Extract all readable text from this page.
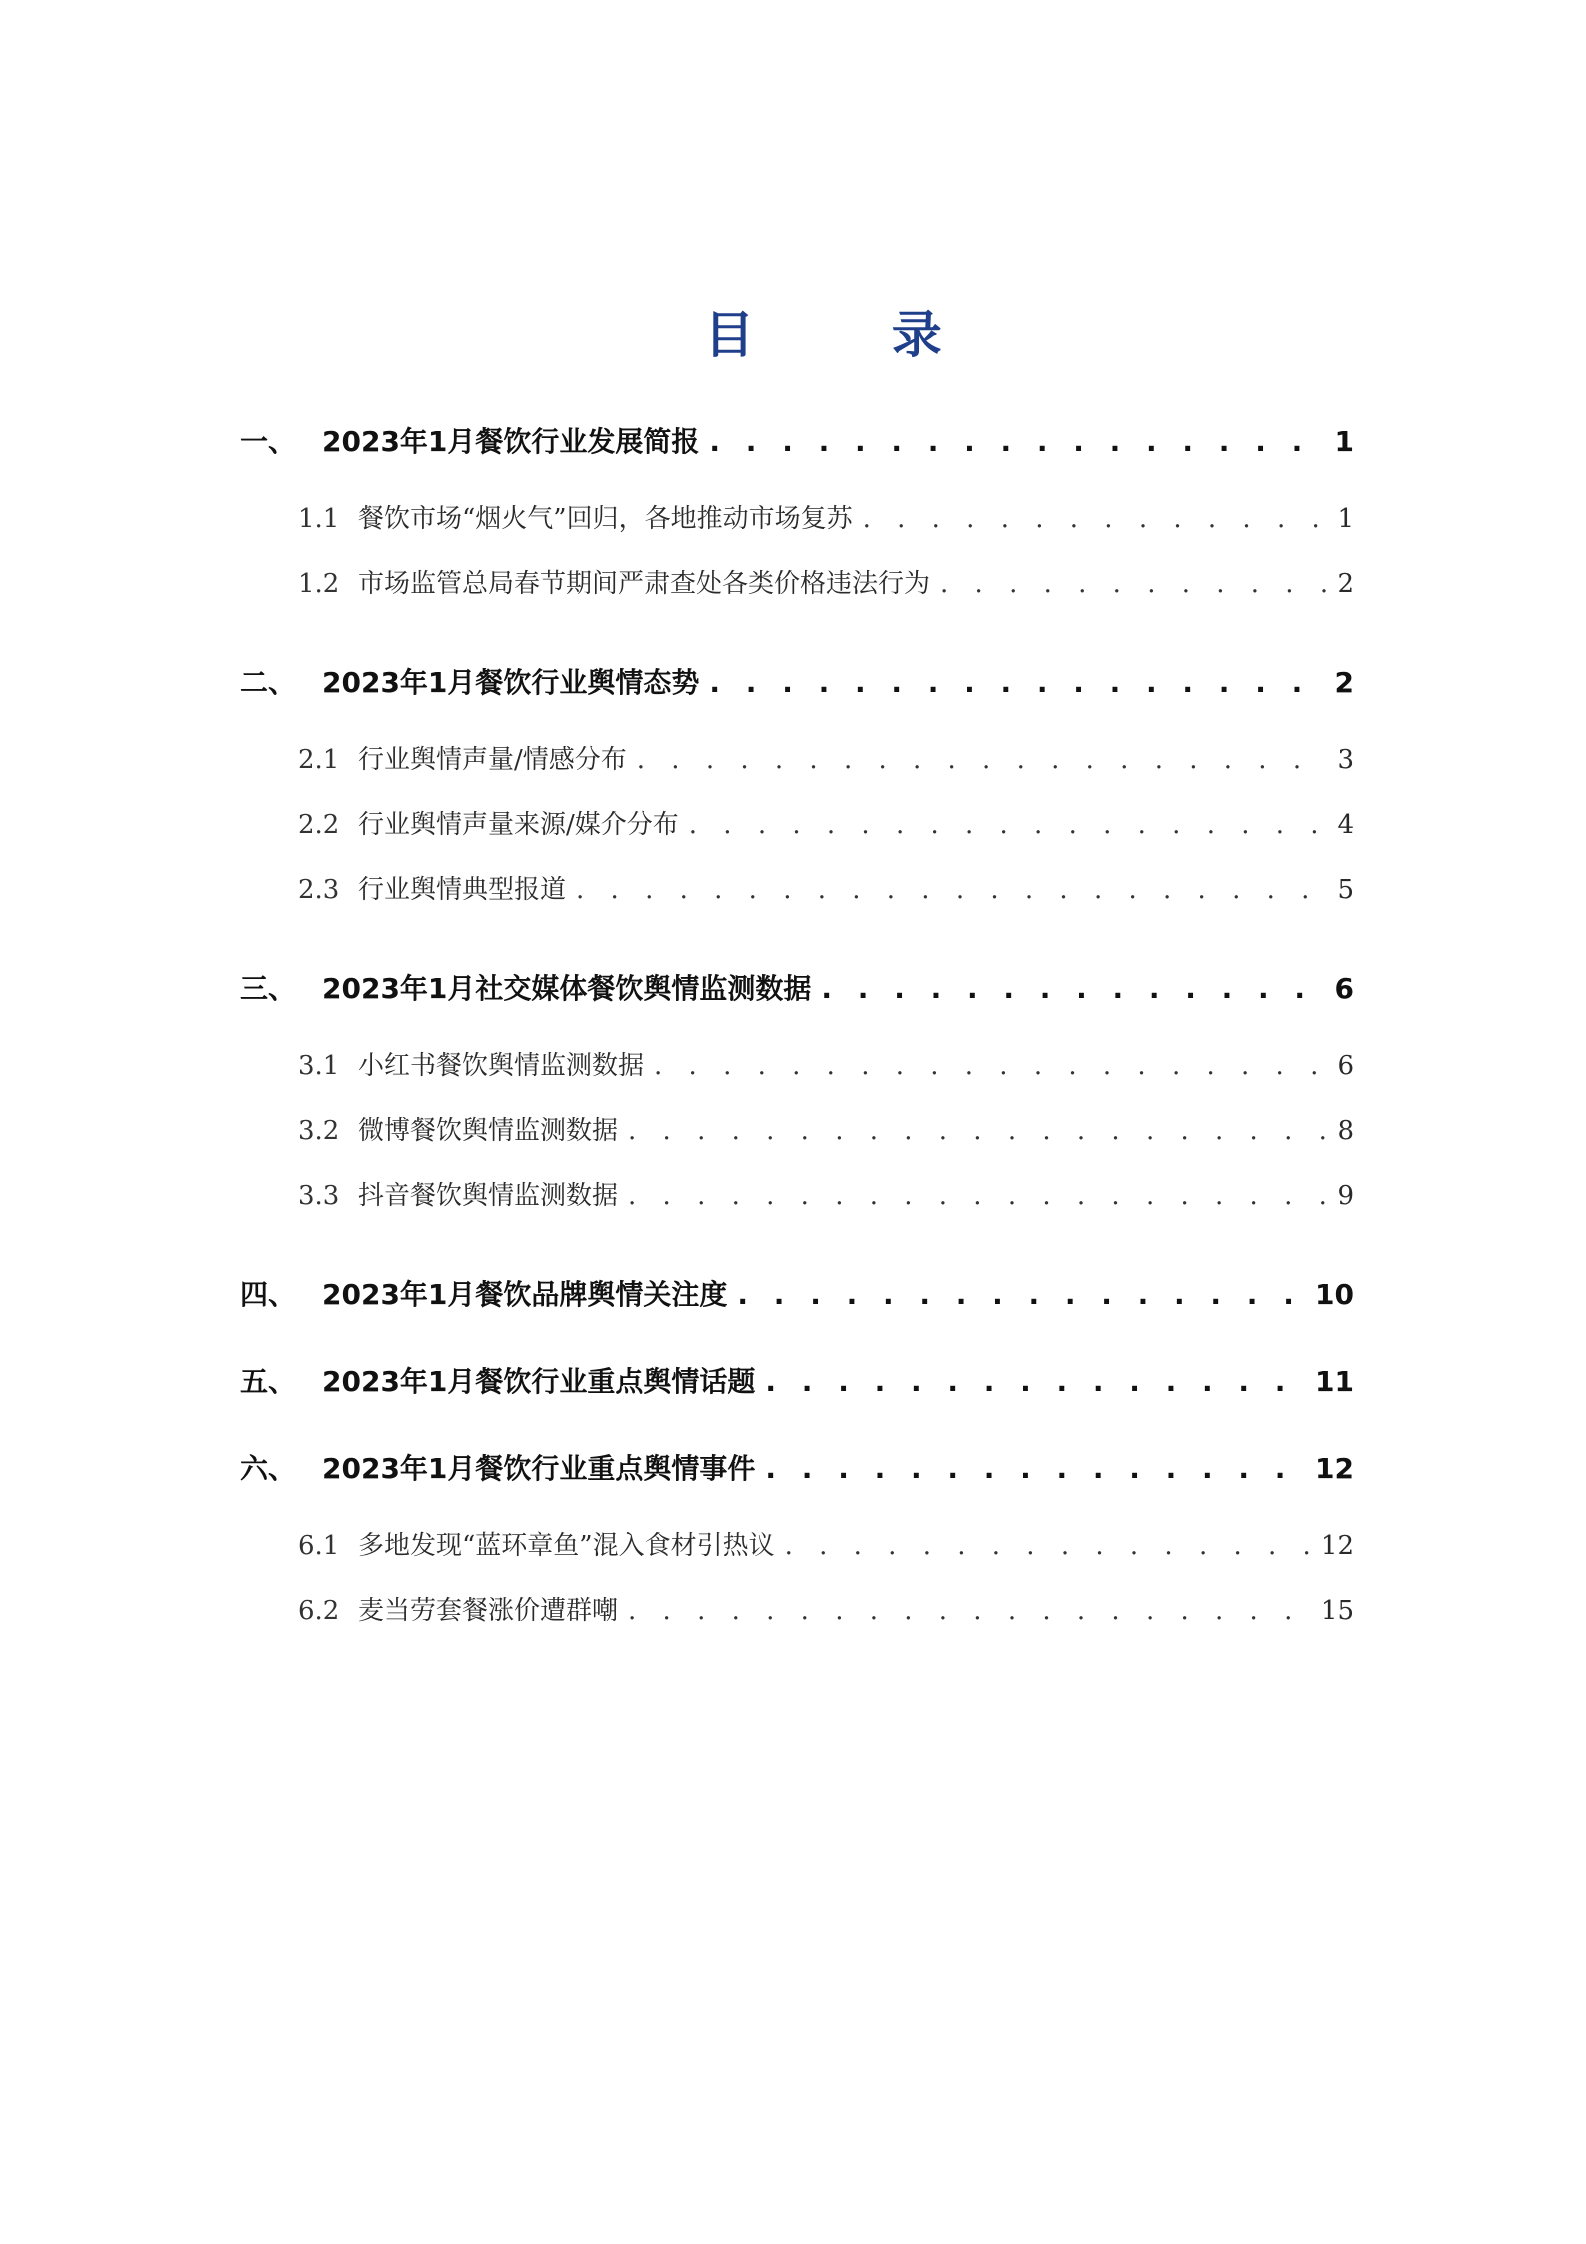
目 录
一、 2023年1月餐饮行业发展简报 . . .	1
1.1 餐饮市场“烟火气”回归，各地推动市场复苏 . . .	1
1.2 市场监管总局春节期间严肃查处各类价格违法行为 . . .	2
二、 2023年1月餐饮行业舆情态势 . . .	2
2.1 行业舆情声量/情感分布 . . .	3
2.2 行业舆情声量来源/媒介分布 . . .	4
2.3 行业舆情典型报道 . . .	5
三、 2023年1月社交媒体餐饮舆情监测数据 . . .	6
3.1 小红书餐饮舆情监测数据 . . .	6
3.2 微博餐饮舆情监测数据 . . .	8
3.3 抖音餐饮舆情监测数据 . . .	9
四、 2023年1月餐饮品牌舆情关注度 . . .	10
五、 2023年1月餐饮行业重点舆情话题 . . .	11
六、 2023年1月餐饮行业重点舆情事件 . . .	12
6.1 多地发现“蓝环章鱼”混入食材引热议 . . .	12
6.2 麦当劳套餐涨价遭群嘲 . . .	15
